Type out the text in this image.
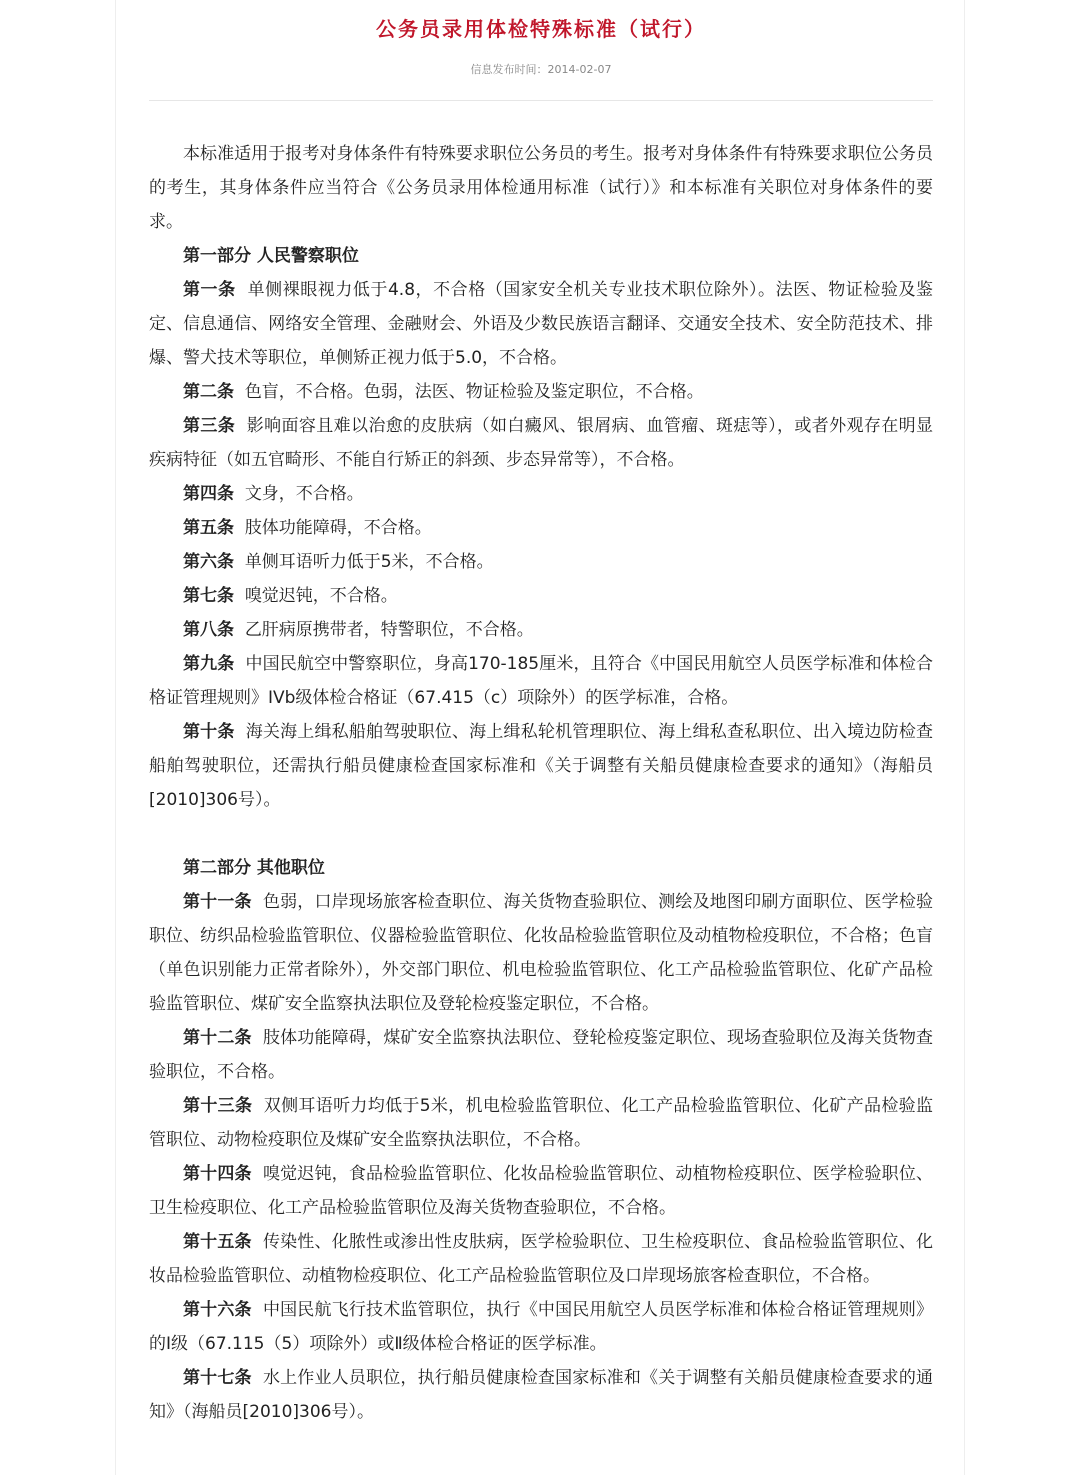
公务员录用体检特殊标准（试行）
信息发布时间：2014-02-07

本标准适用于报考对身体条件有特殊要求职位公务员的考生。报考对身体条件有特殊要求职位公务员的考生，其身体条件应当符合《公务员录用体检通用标准（试行）》和本标准有关职位对身体条件的要求。

第一部分 人民警察职位

第一条 单侧裸眼视力低于4.8，不合格（国家安全机关专业技术职位除外）。法医、物证检验及鉴定、信息通信、网络安全管理、金融财会、外语及少数民族语言翻译、交通安全技术、安全防范技术、排爆、警犬技术等职位，单侧矫正视力低于5.0，不合格。

第二条 色盲，不合格。色弱，法医、物证检验及鉴定职位，不合格。

第三条 影响面容且难以治愈的皮肤病（如白癜风、银屑病、血管瘤、斑痣等），或者外观存在明显疾病特征（如五官畸形、不能自行矫正的斜颈、步态异常等），不合格。

第四条 文身，不合格。

第五条 肢体功能障碍，不合格。

第六条 单侧耳语听力低于5米，不合格。

第七条 嗅觉迟钝，不合格。

第八条 乙肝病原携带者，特警职位，不合格。

第九条 中国民航空中警察职位，身高170-185厘米，且符合《中国民用航空人员医学标准和体检合格证管理规则》IVb级体检合格证（67.415（c）项除外）的医学标准，合格。

第十条 海关海上缉私船舶驾驶职位、海上缉私轮机管理职位、海上缉私查私职位、出入境边防检查船舶驾驶职位，还需执行船员健康检查国家标准和《关于调整有关船员健康检查要求的通知》（海船员[2010]306号）。

第二部分 其他职位

第十一条 色弱，口岸现场旅客检查职位、海关货物查验职位、测绘及地图印刷方面职位、医学检验职位、纺织品检验监管职位、仪器检验监管职位、化妆品检验监管职位及动植物检疫职位，不合格；色盲（单色识别能力正常者除外），外交部门职位、机电检验监管职位、化工产品检验监管职位、化矿产品检验监管职位、煤矿安全监察执法职位及登轮检疫鉴定职位，不合格。

第十二条 肢体功能障碍，煤矿安全监察执法职位、登轮检疫鉴定职位、现场查验职位及海关货物查验职位，不合格。

第十三条 双侧耳语听力均低于5米，机电检验监管职位、化工产品检验监管职位、化矿产品检验监管职位、动物检疫职位及煤矿安全监察执法职位，不合格。

第十四条 嗅觉迟钝，食品检验监管职位、化妆品检验监管职位、动植物检疫职位、医学检验职位、卫生检疫职位、化工产品检验监管职位及海关货物查验职位，不合格。

第十五条 传染性、化脓性或渗出性皮肤病，医学检验职位、卫生检疫职位、食品检验监管职位、化妆品检验监管职位、动植物检疫职位、化工产品检验监管职位及口岸现场旅客检查职位，不合格。

第十六条 中国民航飞行技术监管职位，执行《中国民用航空人员医学标准和体检合格证管理规则》的Ⅰ级（67.115（5）项除外）或Ⅱ级体检合格证的医学标准。

第十七条 水上作业人员职位，执行船员健康检查国家标准和《关于调整有关船员健康检查要求的通知》（海船员[2010]306号）。
